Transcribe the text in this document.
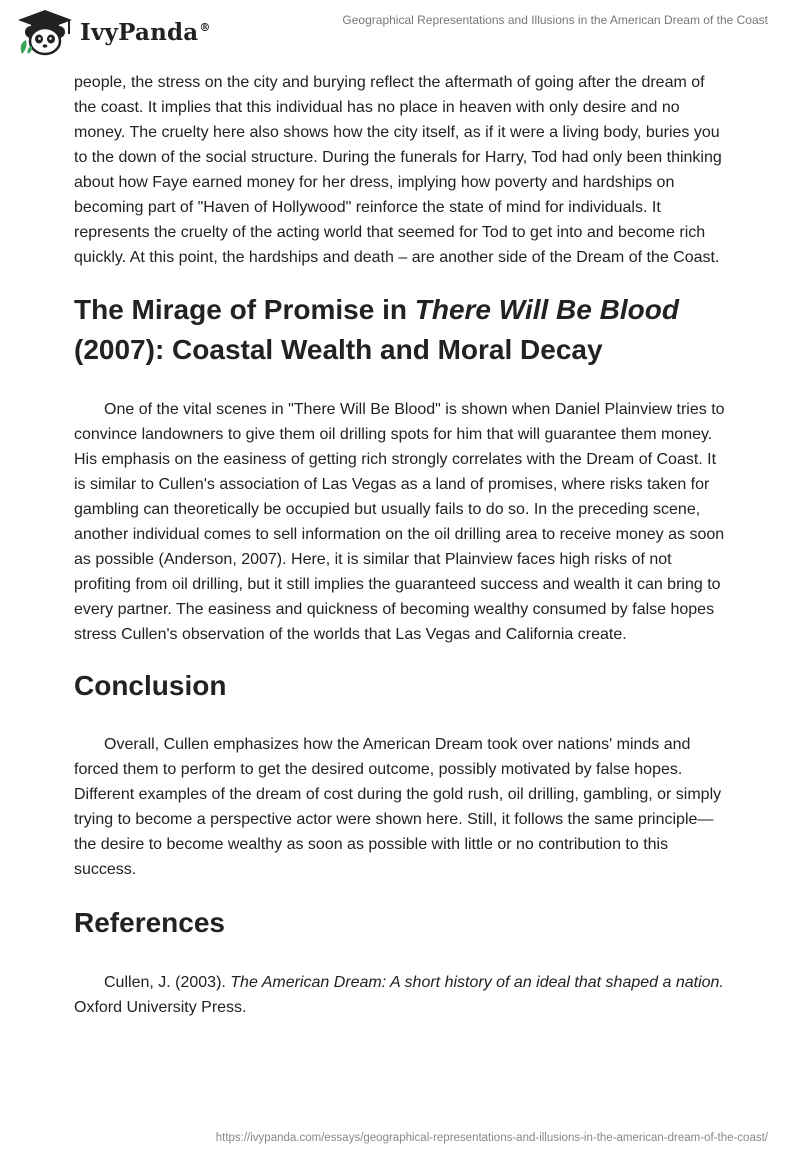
IvyPanda®
Geographical Representations and Illusions in the American Dream of the Coast

people, the stress on the city and burying reflect the aftermath of going after the dream of the coast. It implies that this individual has no place in heaven with only desire and no money. The cruelty here also shows how the city itself, as if it were a living body, buries you to the down of the social structure. During the funerals for Harry, Tod had only been thinking about how Faye earned money for her dress, implying how poverty and hardships on becoming part of "Haven of Hollywood" reinforce the state of mind for individuals. It represents the cruelty of the acting world that seemed for Tod to get into and become rich quickly. At this point, the hardships and death – are another side of the Dream of the Coast.

The Mirage of Promise in There Will Be Blood (2007): Coastal Wealth and Moral Decay

One of the vital scenes in "There Will Be Blood" is shown when Daniel Plainview tries to convince landowners to give them oil drilling spots for him that will guarantee them money. His emphasis on the easiness of getting rich strongly correlates with the Dream of Coast. It is similar to Cullen's association of Las Vegas as a land of promises, where risks taken for gambling can theoretically be occupied but usually fails to do so. In the preceding scene, another individual comes to sell information on the oil drilling area to receive money as soon as possible (Anderson, 2007). Here, it is similar that Plainview faces high risks of not profiting from oil drilling, but it still implies the guaranteed success and wealth it can bring to every partner. The easiness and quickness of becoming wealthy consumed by false hopes stress Cullen's observation of the worlds that Las Vegas and California create.

Conclusion

Overall, Cullen emphasizes how the American Dream took over nations' minds and forced them to perform to get the desired outcome, possibly motivated by false hopes. Different examples of the dream of cost during the gold rush, oil drilling, gambling, or simply trying to become a perspective actor were shown here. Still, it follows the same principle—the desire to become wealthy as soon as possible with little or no contribution to this success.

References

Cullen, J. (2003). The American Dream: A short history of an ideal that shaped a nation. Oxford University Press.

https://ivypanda.com/essays/geographical-representations-and-illusions-in-the-american-dream-of-the-coast/
